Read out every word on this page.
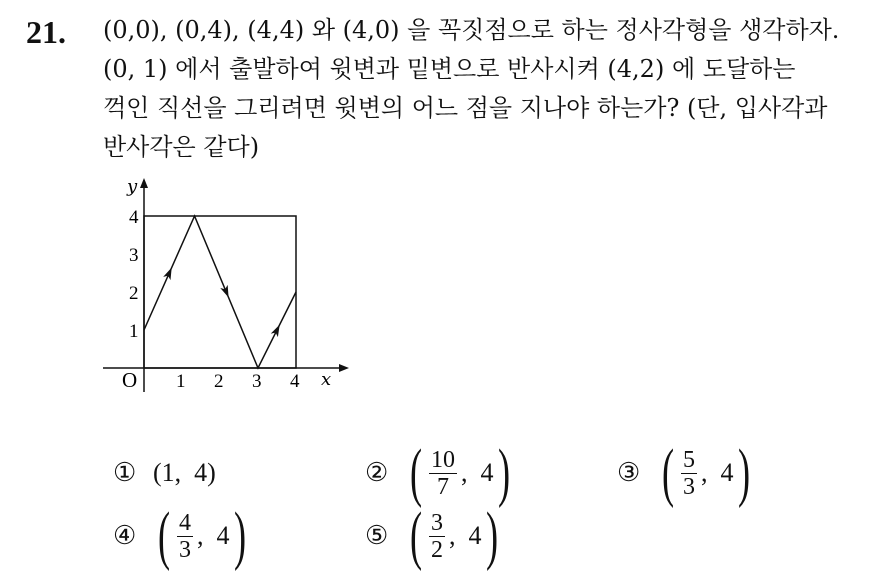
21. (0,0), (0,4), (4,4) 와 (4,0) 을 꼭짓점으로 하는 정사각형을 생각하자.
(0, 1) 에서 출발하여 윗변과 밑변으로 반사시켜 (4,2) 에 도달하는
꺽인 직선을 그리려면 윗변의 어느 점을 지나야 하는가? (단, 입사각과
반사각은 같다)
y
x
O 1 2 3 4
1
2
3
4
① (1,  4)	② ( $\frac{10}{7}$ ,  4 )	③ ( $\frac{5}{3}$ ,  4 )
④ ( $\frac{4}{3}$ ,  4 )	⑤ ( $\frac{3}{2}$ ,  4 )
